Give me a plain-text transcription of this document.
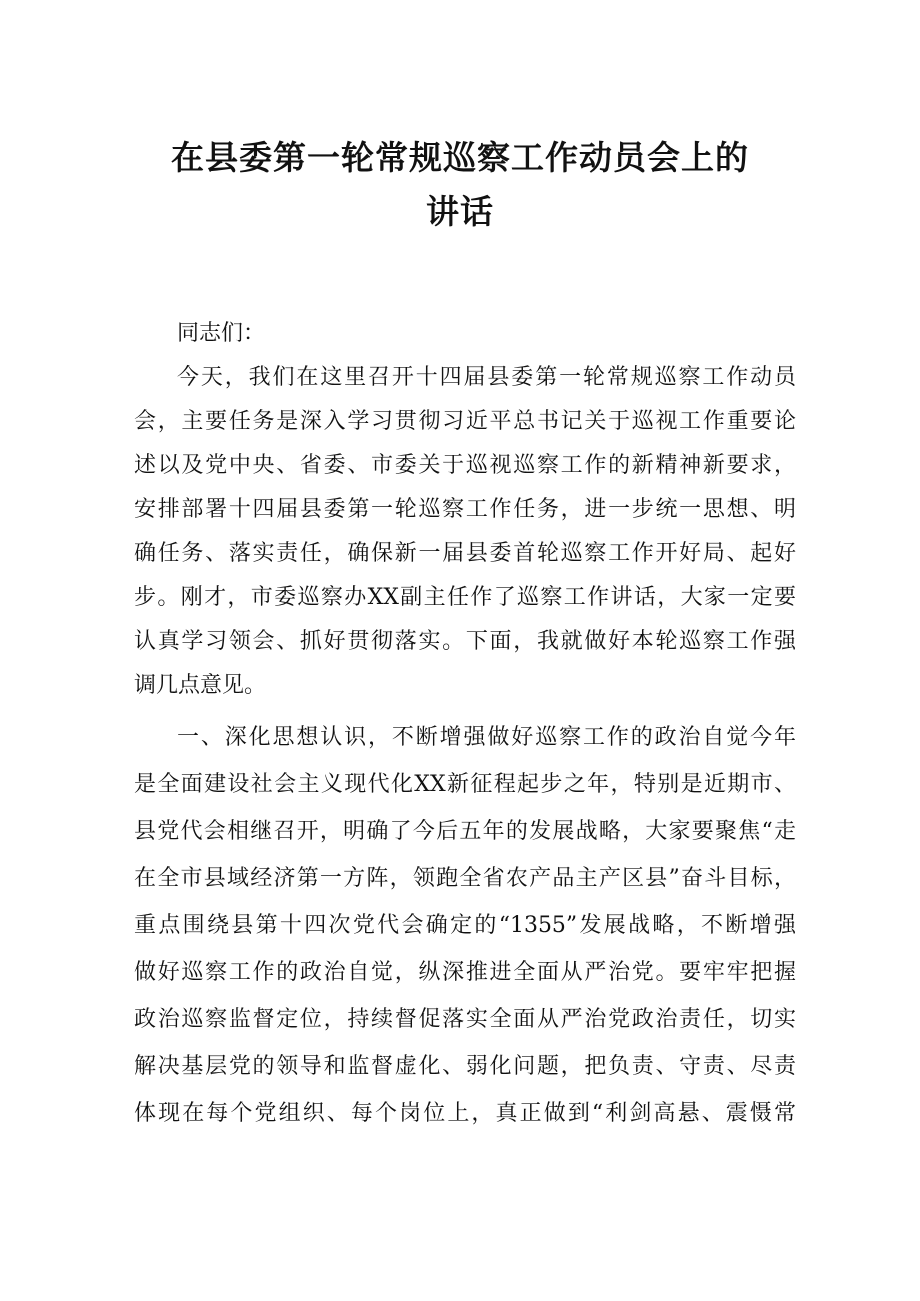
在县委第一轮常规巡察工作动员会上的
讲话
同志们：
今天，我们在这里召开十四届县委第一轮常规巡察工作动员
会，主要任务是深入学习贯彻习近平总书记关于巡视工作重要论
述以及党中央、省委、市委关于巡视巡察工作的新精神新要求，
安排部署十四届县委第一轮巡察工作任务，进一步统一思想、明
确任务、落实责任，确保新一届县委首轮巡察工作开好局、起好
步。刚才，市委巡察办XX副主任作了巡察工作讲话，大家一定要
认真学习领会、抓好贯彻落实。下面，我就做好本轮巡察工作强
调几点意见。
一、深化思想认识，不断增强做好巡察工作的政治自觉今年
是全面建设社会主义现代化XX新征程起步之年，特别是近期市、
县党代会相继召开，明确了今后五年的发展战略，大家要聚焦“走
在全市县域经济第一方阵，领跑全省农产品主产区县”奋斗目标，
重点围绕县第十四次党代会确定的“1355”发展战略，不断增强
做好巡察工作的政治自觉，纵深推进全面从严治党。要牢牢把握
政治巡察监督定位，持续督促落实全面从严治党政治责任，切实
解决基层党的领导和监督虚化、弱化问题，把负责、守责、尽责
体现在每个党组织、每个岗位上，真正做到“利剑高悬、震慑常
